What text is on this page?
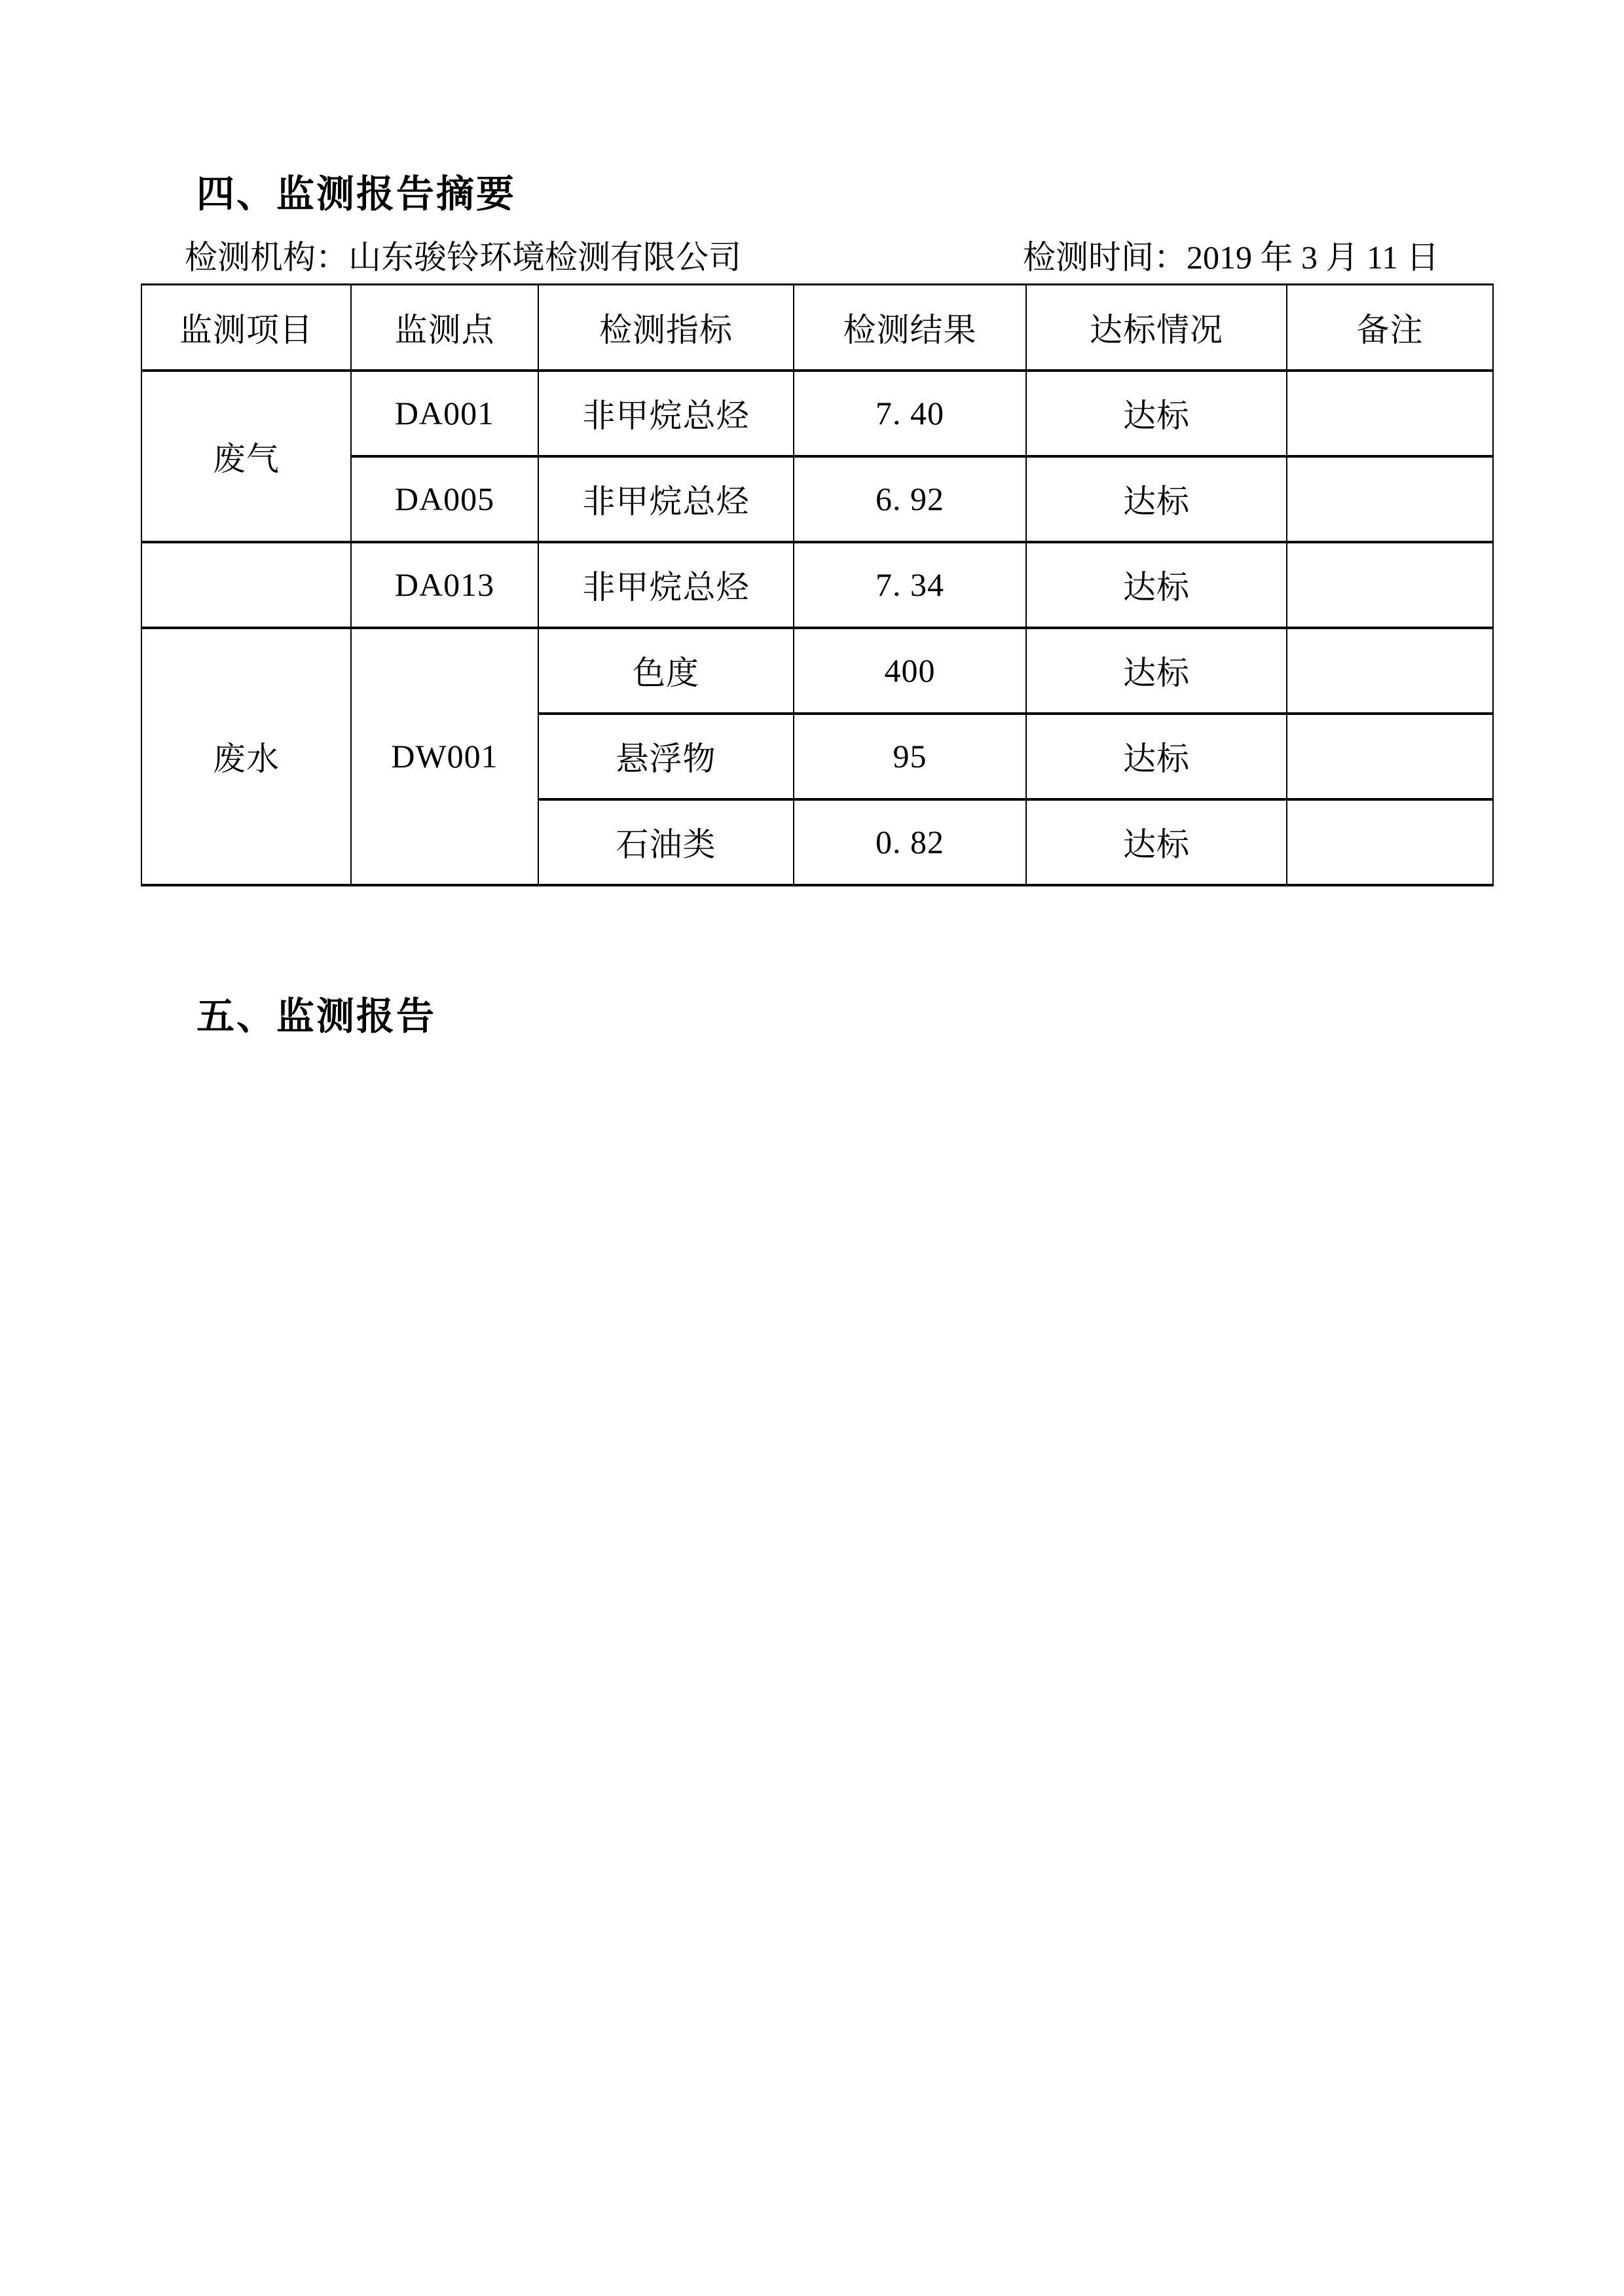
四、监测报告摘要
检测机构：山东骏铃环境检测有限公司	检测时间：2019 年 3 月 11 日
监测项目	监测点	检测指标	检测结果	达标情况	备注
废气	DA001	非甲烷总烃	7. 40	达标	
	DA005	非甲烷总烃	6. 92	达标	
	DA013	非甲烷总烃	7. 34	达标	
废水	DW001	色度	400	达标	
		悬浮物	95	达标	
		石油类	0. 82	达标	
五、监测报告
